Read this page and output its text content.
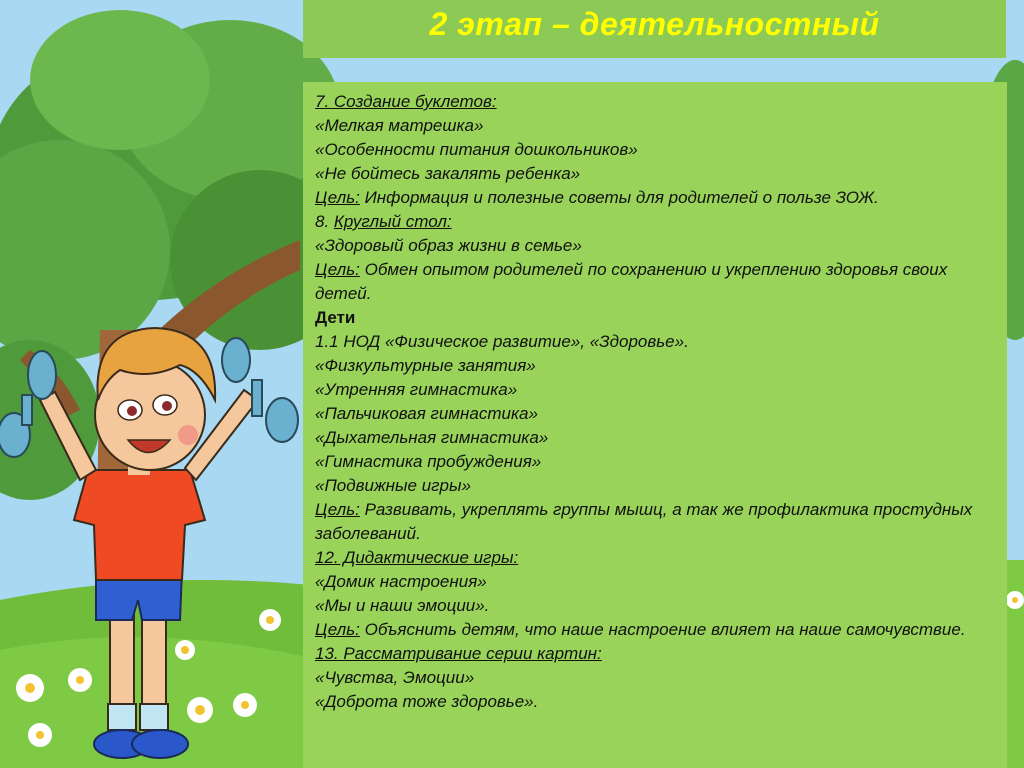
2 этап – деятельностный
7. Создание буклетов:
«Мелкая матрешка»
«Особенности питания дошкольников»
«Не бойтесь закалять ребенка»
Цель: Информация и полезные советы для родителей о пользе ЗОЖ.
8. Круглый стол:
«Здоровый образ жизни в семье»
Цель: Обмен опытом родителей по сохранению и укреплению здоровья своих детей.
Дети
1.1 НОД «Физическое развитие», «Здоровье».
«Физкультурные занятия»
«Утренняя гимнастика»
«Пальчиковая гимнастика»
«Дыхательная гимнастика»
«Гимнастика пробуждения»
«Подвижные игры»
Цель: Развивать, укреплять группы мышц, а так же профилактика простудных заболеваний.
12. Дидактические игры:
«Домик настроения»
«Мы и наши эмоции».
Цель: Объяснить детям, что наше настроение влияет на наше самочувствие.
13. Рассматривание серии картин:
«Чувства, Эмоции»
«Доброта тоже здоровье».
